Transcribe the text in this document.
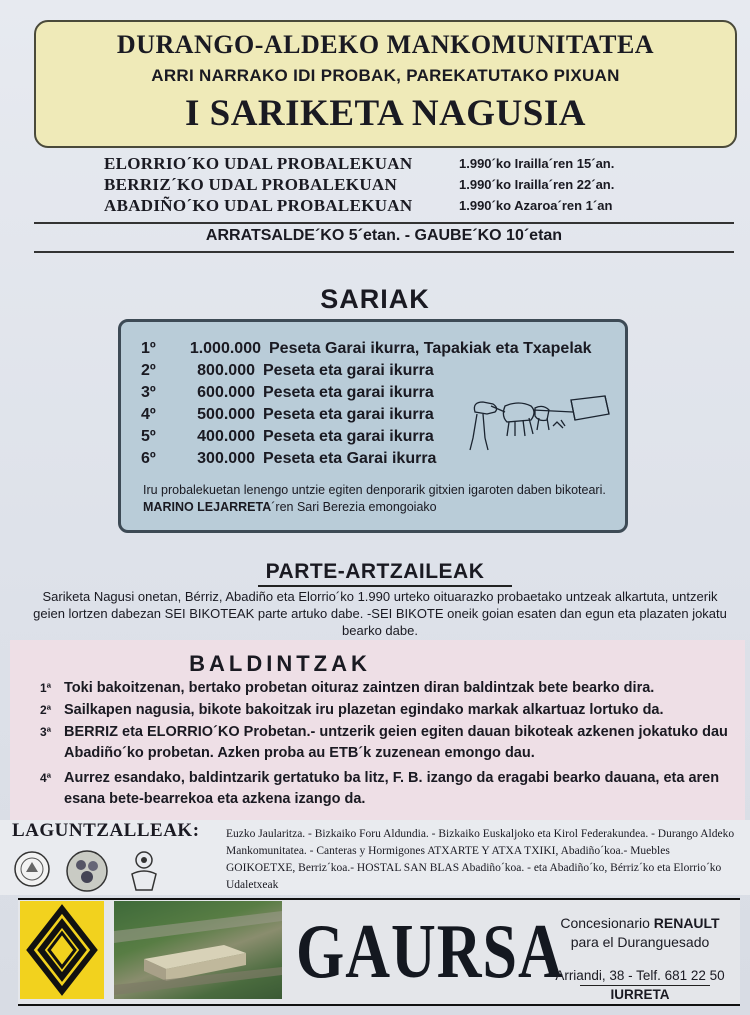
DURANGO-ALDEKO MANKOMUNITATEA
ARRI NARRAKO IDI PROBAK, PAREKATUTAKO PIXUAN
I SARIKETA NAGUSIA
ELORRIO´KO UDAL PROBALEKUAN	1.990´ko Irailla´ren 15´an.
BERRIZ´KO UDAL PROBALEKUAN	1.990´ko Irailla´ren 22´an.
ABADIÑO´KO UDAL PROBALEKUAN	1.990´ko Azaroa´ren 1´an
ARRATSALDE´KO 5´etan. - GAUBE´KO 10´etan
SARIAK
1º 1.000.000 Peseta Garai ikurra, Tapakiak eta Txapelak
2º	800.000 Peseta eta garai ikurra
3º	600.000 Peseta eta garai ikurra
4º	500.000 Peseta eta garai ikurra
5º	400.000 Peseta eta garai ikurra
6º	300.000 Peseta eta Garai ikurra
Iru probalekuetan lenengo untzie egiten denporarik gitxien igaroten daben bikoteari. MARINO LEJARRETA´ren Sari Berezia emongoiako
PARTE-ARTZAILEAK
Sariketa Nagusi onetan, Bérriz, Abadiño eta Elorrio´ko 1.990 urteko oituarazko probaetako untzeak alkartuta, untzerik geien lortzen dabezan SEI BIKOTEAK parte artuko dabe. -SEI BIKOTE oneik goian esaten dan egun eta plazaten jokatu bearko dabe.
BALDINTZAK
1ª Toki bakoitzenan, bertako probetan oituraz zaintzen diran baldintzak bete bearko dira.
2ª Sailkapen nagusia, bikote bakoitzak iru plazetan egindako markak alkartuaz lortuko da.
3ª BERRIZ eta ELORRIO´KO Probetan.- untzerik geien egiten dauan bikoteak azkenen jokatuko dau Abadiño´ko probetan. Azken proba au ETB´k zuzenean emongo dau.
4ª Aurrez esandako, baldintzarik gertatuko ba litz, F. B. izango da eragabi bearko dauana, eta aren esana bete-bearrekoa eta azkena izango da.
LAGUNTZALLEAK: Euzko Jaularitza. - Bizkaiko Foru Aldundia. - Bizkaiko Euskaljoko eta Kirol Federakundea. - Durango Aldeko Mankomunitatea. - Canteras y Hormigones ATXARTE Y ATXA TXIKI, Abadiño´koa.- Muebles GOIKOETXE, Berriz´koa.- HOSTAL SAN BLAS Abadiño´koa. - eta Abadiño´ko, Bérriz´ko eta Elorrio´ko Udaletxeak
GAURSA
Concesionario RENAULT
para el Duranguesado
Arriandi, 38 - Telf. 681 22 50
IURRETA
